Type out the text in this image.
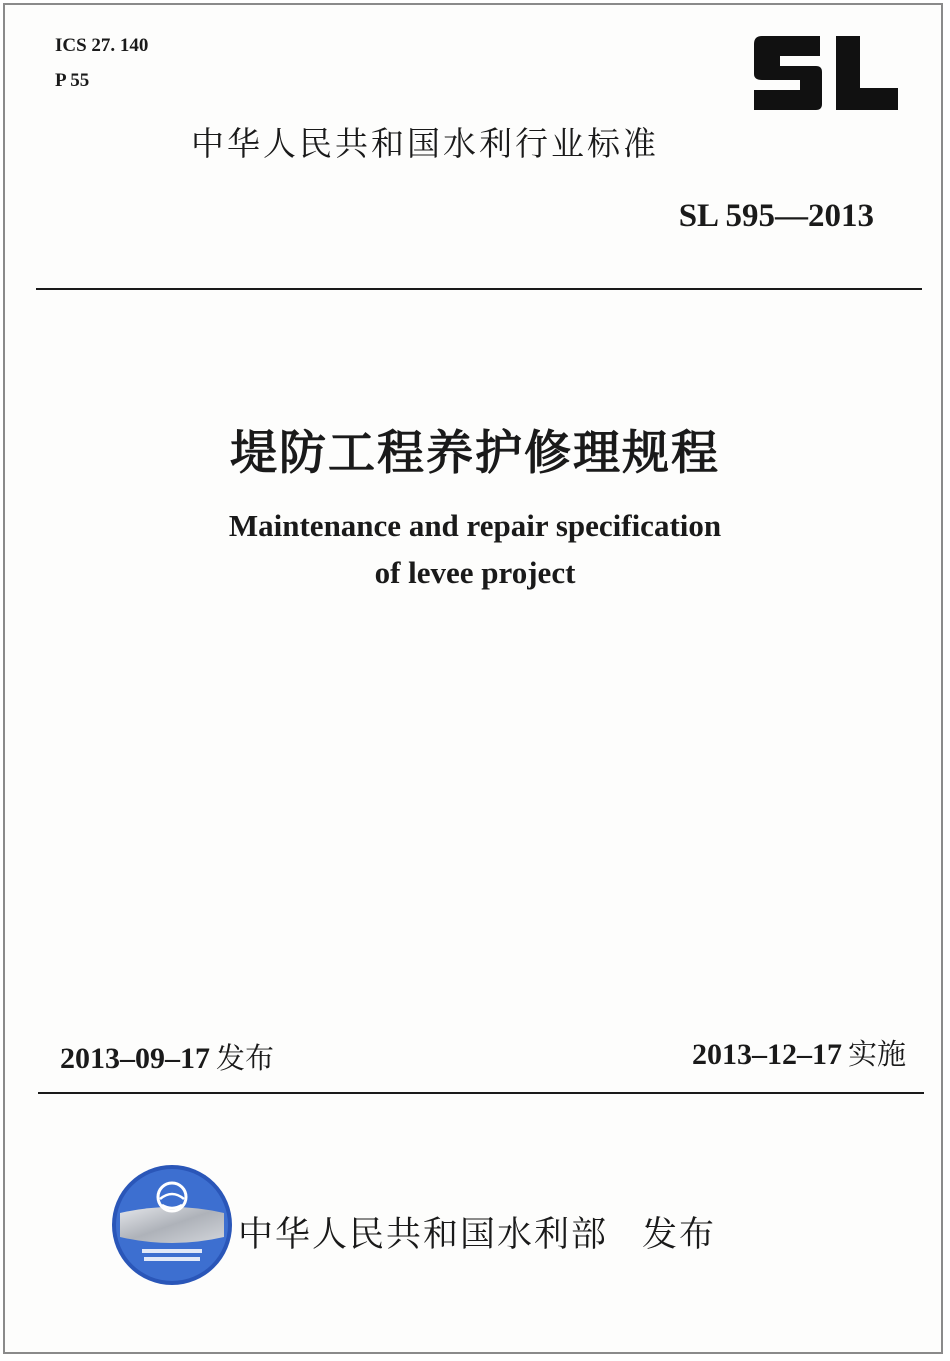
ICS 27. 140
P 55
中华人民共和国水利行业标准
SL 595—2013
堤防工程养护修理规程
Maintenance and repair specification
of levee project
2013–09–17 发布	2013–12–17 实施
中华人民共和国水利部 发布
